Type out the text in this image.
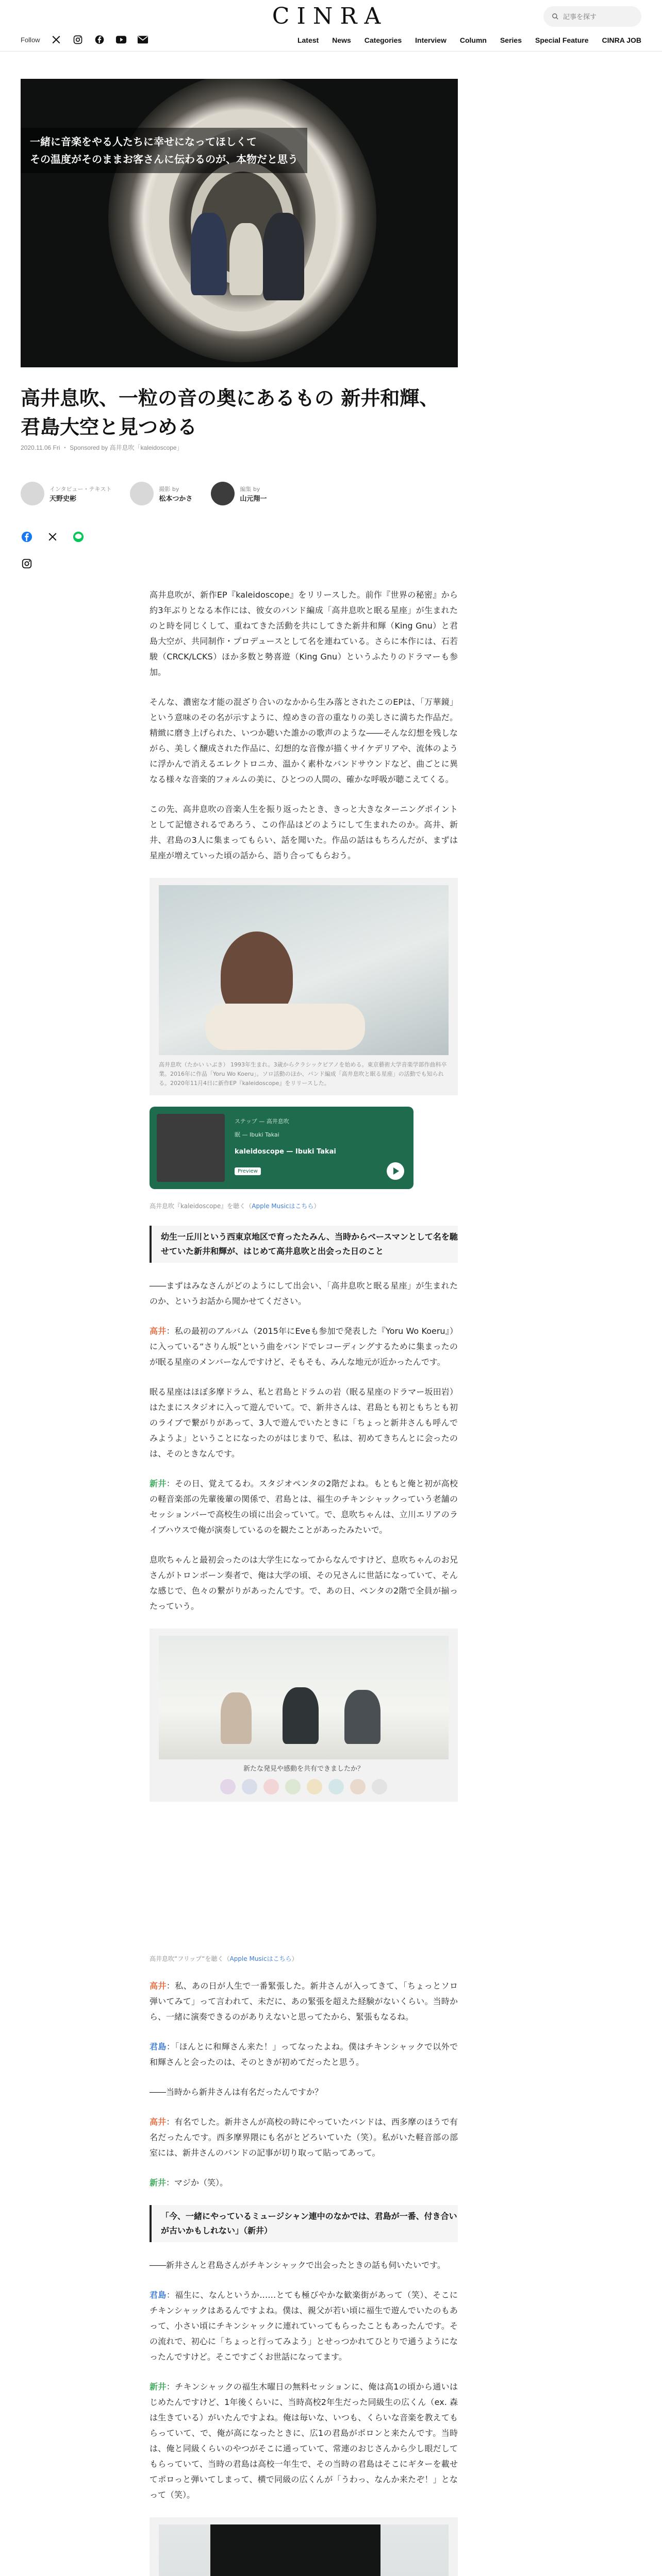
Follow
CINRA
記事を探す
Latest News Categories Interview Column Series Special Feature CINRA JOB

一緒に音楽をやる人たちに幸せになってほしくて

その温度がそのままお客さんに伝わるのが、本物だと思う

高井息吹、一粒の音の奥にあるもの 新井和輝、君島大空と見つめる
2020.11.06 Fri ・ Sponsored by 高井息吹「kaleidoscope」
インタビュー・テキスト
天野史彬
撮影 by
松本つかさ
編集 by
山元翔一

高井息吹が、新作EP『kaleidoscope』をリリースした。前作『世界の秘密』から約3年ぶりとなる本作には、彼女のバンド編成「高井息吹と眠る星座」が生まれたのと時を同じくして、重ねてきた活動を共にしてきた新井和輝（King Gnu）と君島大空が、共同制作・プロデュースとして名を連ねている。さらに本作には、石若駿（CRCK/LCKS）ほか多数と勢喜遊（King Gnu）というふたりのドラマーも参加。

そんな、濃密な才能の混ざり合いのなかから生み落とされたこのEPは、「万華鏡」という意味のその名が示すように、煌めきの音の重なりの美しさに満ちた作品だ。精緻に磨き上げられた、いつか聴いた誰かの歌声のような――そんな幻想を残しながら、美しく醸成された作品に、幻想的な音像が描くサイケデリアや、流体のように浮かんで消えるエレクトロニカ、温かく素朴なバンドサウンドなど、曲ごとに異なる様々な音楽的フォルムの美に、ひとつの人間の、確かな呼吸が聴こえてくる。

この先、高井息吹の音楽人生を振り返ったとき、きっと大きなターニングポイントとして記憶されるであろう、この作品はどのようにして生まれたのか。高井、新井、君島の3人に集まってもらい、話を聞いた。作品の話はもちろんだが、まずは星座が増えていった頃の話から、語り合ってもらおう。

高井息吹（たかい いぶき） 1993年生まれ。3歳からクラシックピアノを始める。東京藝術大学音楽学部作曲科卒業。2016年に作品「Yoru Wo Koeru」。ソロ活動のほか、バンド編成「高井息吹と眠る星座」の活動でも知られる。2020年11月4日に新作EP『kaleidoscope』をリリースした。
ステップ — 高井息吹
眠 — Ibuki Takai
kaleidoscope — Ibuki Takai
Preview

高井息吹『kaleidoscope』を聴く（Apple Musicはこちら）

幼生一丘川という西東京地区で育ったたみん、当時からベースマンとして名を馳せていた新井和輝が、はじめて高井息吹と出会った日のこと

――まずはみなさんがどのようにして出会い、「高井息吹と眠る星座」が生まれたのか、というお話から聞かせてください。

高井：私の最初のアルバム（2015年にEveも参加で発表した『Yoru Wo Koeru』）に入っている“さりん坂”という曲をバンドでレコーディングするために集まったのが眠る星座のメンバーなんですけど、そもそも、みんな地元が近かったんです。

眠る星座はほぼ多摩ドラム、私と君島とドラムの岩（眠る星座のドラマー坂田岩）はたまにスタジオに入って遊んでいて。で、新井さんは、君島とも初ともちとも初のライブで繋がりがあって、3人で遊んでいたときに「ちょっと新井さんも呼んでみようよ」ということになったのがはじまりで、私は、初めてきちんとに会ったのは、そのときなんです。

新井：その日、覚えてるわ。スタジオペンタの2階だよね。もともと俺と初が高校の軽音楽部の先輩後輩の関係で、君島とは、福生のチキンシャックっていう老舗のセッションバーで高校生の頃に出会っていて。で、息吹ちゃんは、立川エリアのライブハウスで俺が演奏しているのを観たことがあったみたいで。

息吹ちゃんと最初会ったのは大学生になってからなんですけど、息吹ちゃんのお兄さんがトロンボーン奏者で、俺は大学の頃、その兄さんに世話になっていて、そんな感じで、色々の繋がりがあったんです。で、あの日、ペンタの2階で全員が揃ったっていう。

新たな発見や感動を共有できましたか？

高井息吹“フリップ“を聴く（Apple Musicはこちら）

高井：私、あの日が人生で一番緊張した。新井さんが入ってきて、「ちょっとソロ弾いてみて」って言われて、未だに、あの緊張を超えた経験がないくらい。当時から、一緒に演奏できるのがありえないと思ってたから、緊張もなるね。

君島：「ほんとに和輝さん来た！」ってなったよね。僕はチキンシャックで以外で和輝さんと会ったのは、そのときが初めてだったと思う。

――当時から新井さんは有名だったんですか？

高井：有名でした。新井さんが高校の時にやっていたバンドは、西多摩のほうで有名だったんです。西多摩界隈にも名がとどろいていた（笑）。私がいた軽音部の部室には、新井さんのバンドの記事が切り取って貼ってあって。

新井：マジか（笑）。

「今、一緒にやっているミュージシャン連中のなかでは、君島が一番、付き合いが古いかもしれない」（新井）

――新井さんと君島さんがチキンシャックで出会ったときの話も伺いたいです。

君島：福生に、なんというか……とても極びやかな歓楽街があって（笑）、そこにチキンシャックはあるんですよね。僕は、親父が若い頃に福生で遊んでいたのもあって、小さい頃にチキンシャックに連れていってもらったこともあったんです。その流れで、初心に「ちょっと行ってみよう」とせっつかれてひとりで通うようになったんですけど。そこですごくお世話になってます。

新井：チキンシャックの福生木曜日の無料セッションに、俺は高1の頃から通いはじめたんですけど、1年後くらいに、当時高校2年生だった同級生の広くん（ex. 森は生きている）がいたんですよね。俺は毎いな、いつも、くらいな音楽を教えてもらっていて、で、俺が高になったときに、広1の君島がポロンと来たんです。当時は、俺と同級くらいのやつがそこに通っていて、常連のおじさんから少し眼だしてもらっていて、当時の君島は高校一年生で、その当時の君島はそこにギターを載せてポロっと弾いてしまって、横で同級の広くんが「うわっ、なんか来たぞ！」となって（笑）。
